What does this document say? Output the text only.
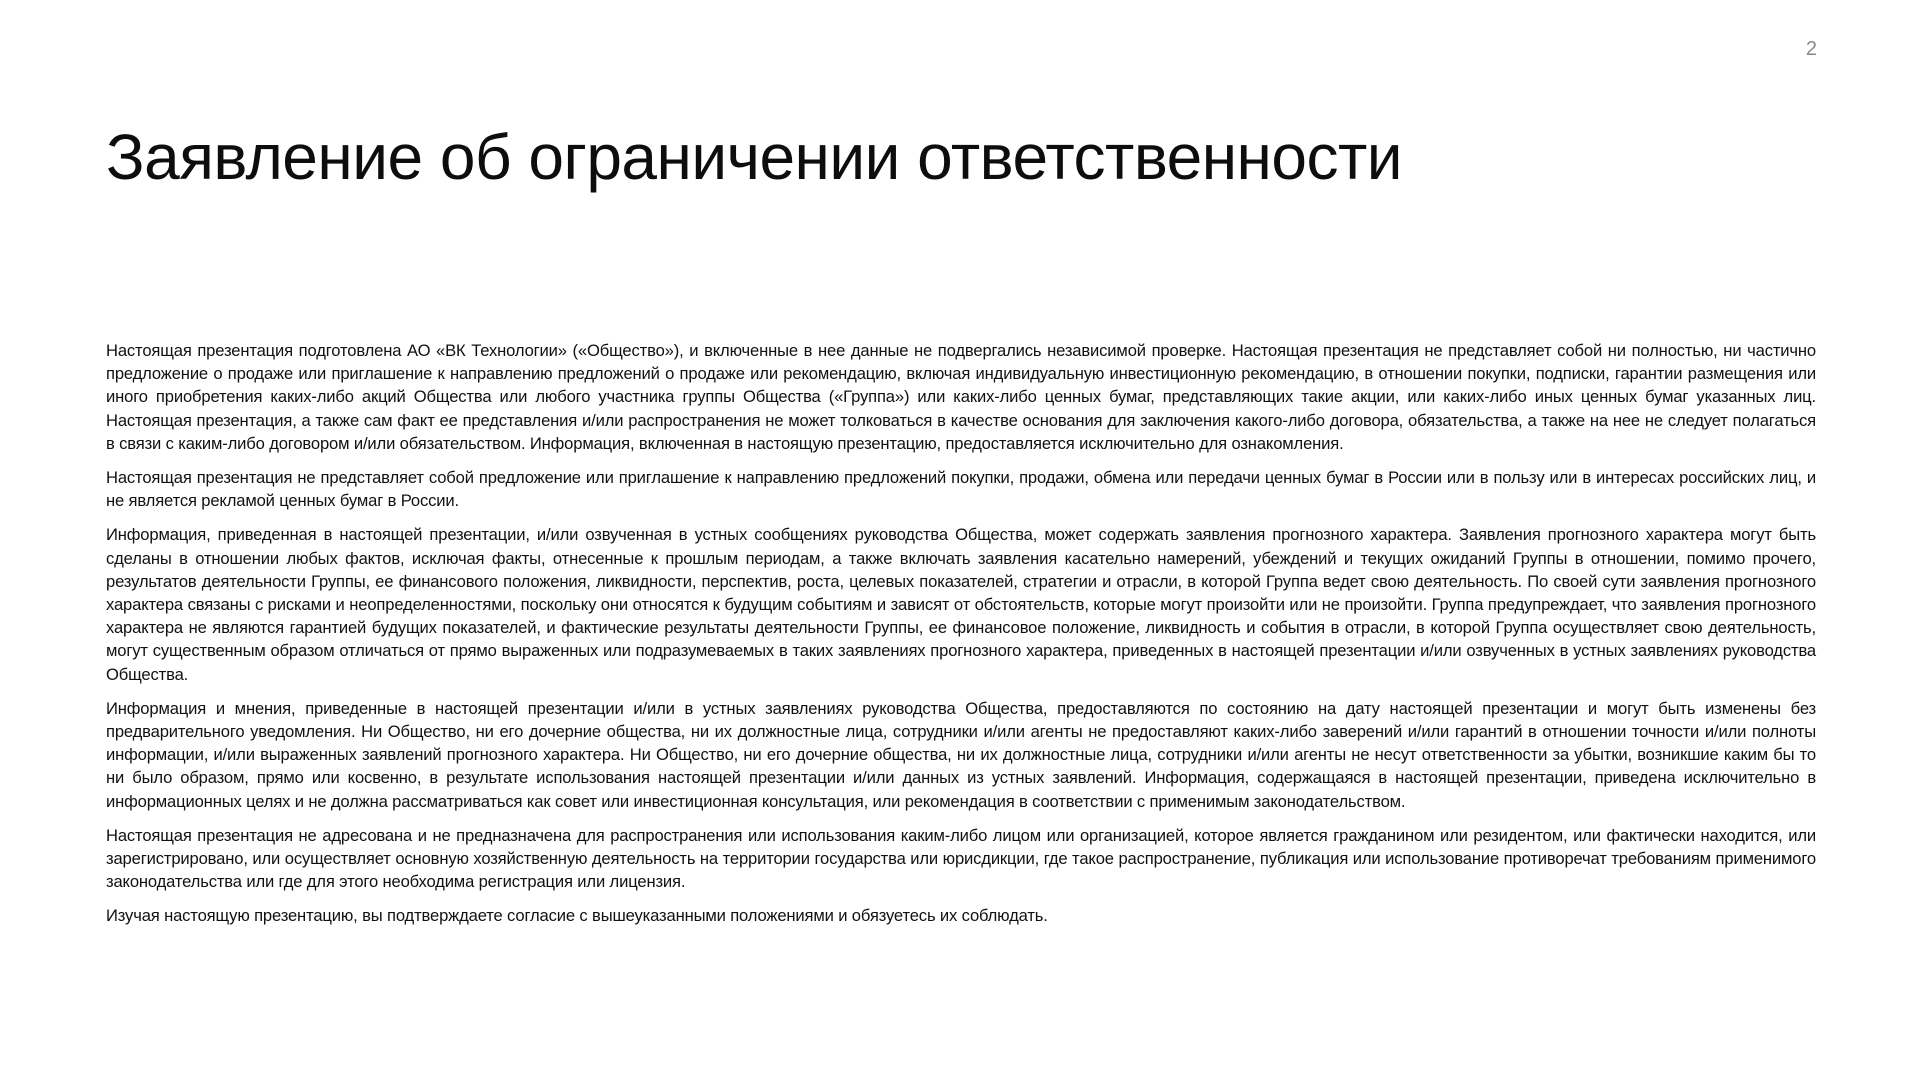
2
Заявление об ограничении ответственности

Настоящая презентация подготовлена АО «ВК Технологии» («Общество»), и включенные в нее данные не подвергались независимой проверке. Настоящая презентация не представляет собой ни полностью, ни частично предложение о продаже или приглашение к направлению предложений о продаже или рекомендацию, включая индивидуальную инвестиционную рекомендацию, в отношении покупки, подписки, гарантии размещения или иного приобретения каких-либо акций Общества или любого участника группы Общества («Группа») или каких-либо ценных бумаг, представляющих такие акции, или каких-либо иных ценных бумаг указанных лиц. Настоящая презентация, а также сам факт ее представления и/или распространения не может толковаться в качестве основания для заключения какого-либо договора, обязательства, а также на нее не следует полагаться в связи с каким-либо договором и/или обязательством. Информация, включенная в настоящую презентацию, предоставляется исключительно для ознакомления.

Настоящая презентация не представляет собой предложение или приглашение к направлению предложений покупки, продажи, обмена или передачи ценных бумаг в России или в пользу или в интересах российских лиц, и не является рекламой ценных бумаг в России.

Информация, приведенная в настоящей презентации, и/или озвученная в устных сообщениях руководства Общества, может содержать заявления прогнозного характера. Заявления прогнозного характера могут быть сделаны в отношении любых фактов, исключая факты, отнесенные к прошлым периодам, а также включать заявления касательно намерений, убеждений и текущих ожиданий Группы в отношении, помимо прочего, результатов деятельности Группы, ее финансового положения, ликвидности, перспектив, роста, целевых показателей, стратегии и отрасли, в которой Группа ведет свою деятельность. По своей сути заявления прогнозного характера связаны с рисками и неопределенностями, поскольку они относятся к будущим событиям и зависят от обстоятельств, которые могут произойти или не произойти. Группа предупреждает, что заявления прогнозного характера не являются гарантией будущих показателей, и фактические результаты деятельности Группы, ее финансовое положение, ликвидность и события в отрасли, в которой Группа осуществляет свою деятельность, могут существенным образом отличаться от прямо выраженных или подразумеваемых в таких заявлениях прогнозного характера, приведенных в настоящей презентации и/или озвученных в устных заявлениях руководства Общества.

Информация и мнения, приведенные в настоящей презентации и/или в устных заявлениях руководства Общества, предоставляются по состоянию на дату настоящей презентации и могут быть изменены без предварительного уведомления. Ни Общество, ни его дочерние общества, ни их должностные лица, сотрудники и/или агенты не предоставляют каких-либо заверений и/или гарантий в отношении точности и/или полноты информации, и/или выраженных заявлений прогнозного характера. Ни Общество, ни его дочерние общества, ни их должностные лица, сотрудники и/или агенты не несут ответственности за убытки, возникшие каким бы то ни было образом, прямо или косвенно, в результате использования настоящей презентации и/или данных из устных заявлений. Информация, содержащаяся в настоящей презентации, приведена исключительно в информационных целях и не должна рассматриваться как совет или инвестиционная консультация, или рекомендация в соответствии с применимым законодательством.

Настоящая презентация не адресована и не предназначена для распространения или использования каким-либо лицом или организацией, которое является гражданином или резидентом, или фактически находится, или зарегистрировано, или осуществляет основную хозяйственную деятельность на территории государства или юрисдикции, где такое распространение, публикация или использование противоречат требованиям применимого законодательства или где для этого необходима регистрация или лицензия.

Изучая настоящую презентацию, вы подтверждаете согласие с вышеуказанными положениями и обязуетесь их соблюдать.
